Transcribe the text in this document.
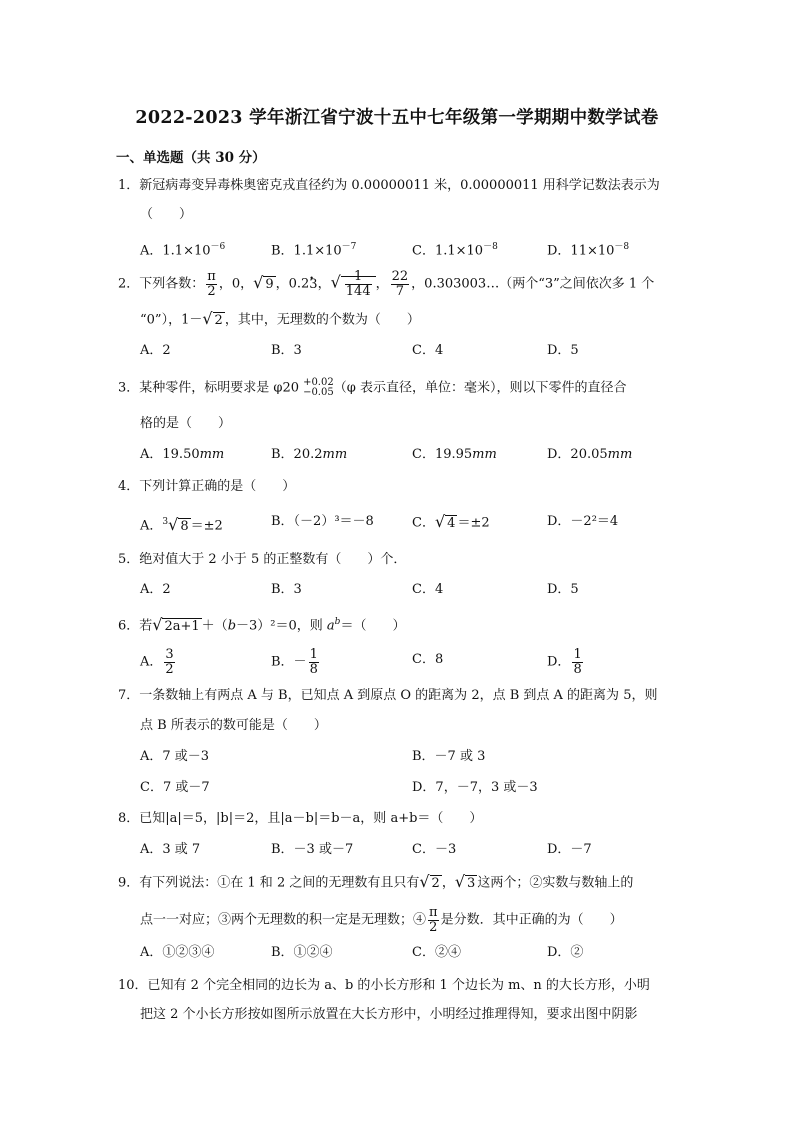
2022-2023 学年浙江省宁波十五中七年级第一学期期中数学试卷
一、单选题（共 30 分）
1．新冠病毒变异毒株奥密克戎直径约为 0.00000011 米，0.00000011 用科学记数法表示为
（　　）
A．$1.1\times 10^{-6}$	B．$1.1\times 10^{-7}$	C．$1.1\times 10^{-8}$	D．$11\times 10^{-8}$
2．下列各数： $\frac{\pi}{2}$ ，0，√ 9 ，0.2• 3，√ $\frac{1}{144}$ ， $\frac{22}{7}$ ，0.303003…（两个“3”之间依次多 1 个
“0”），1－√ 2 ，其中，无理数的个数为（　　）
A．2	B．3	C．4	D．5
3．某种零件，标明要求是 φ20 +0.02
−0.05 （φ 表示直径，单位：毫米），则以下零件的直径合
格的是（　　）
A．19.50mm	B．20.2mm	C．19.95mm	D．20.05mm
4．下列计算正确的是（　　）
A．$^3$√ 8 ＝±2	B．（－2）³＝－8	C．√ 4 ＝±2	D．－2²＝4
5．绝对值大于 2 小于 5 的正整数有（　　）个．
A．2	B．3	C．4	D．5
6．若√ 2a+1 ＋（b－3）²＝0，则 $a^b=$（　　）
A． $\frac{3}{2}$	B．－ $\frac{1}{8}$	C．8	D． $\frac{1}{8}$
7．一条数轴上有两点 A 与 B，已知点 A 到原点 O 的距离为 2，点 B 到点 A 的距离为 5，则
点 B 所表示的数可能是（　　）
A．7 或－3	B．－7 或 3
C．7 或－7	D．7，－7，3 或－3
8．已知|a|＝5，|b|＝2，且|a－b|＝b－a，则 a+b＝（　　）
A．3 或 7	B．－3 或－7	C．－3	D．－7
9．有下列说法：①在 1 和 2 之间的无理数有且只有√ 2 ，√ 3 这两个；②实数与数轴上的
点一一对应；③两个无理数的积一定是无理数；④ $\frac{\pi}{2}$ 是分数．其中正确的为（　　）
A．①②③④	B．①②④	C．②④	D．②
10．已知有 2 个完全相同的边长为 a、b 的小长方形和 1 个边长为 m、n 的大长方形，小明
把这 2 个小长方形按如图所示放置在大长方形中，小明经过推理得知，要求出图中阴影
